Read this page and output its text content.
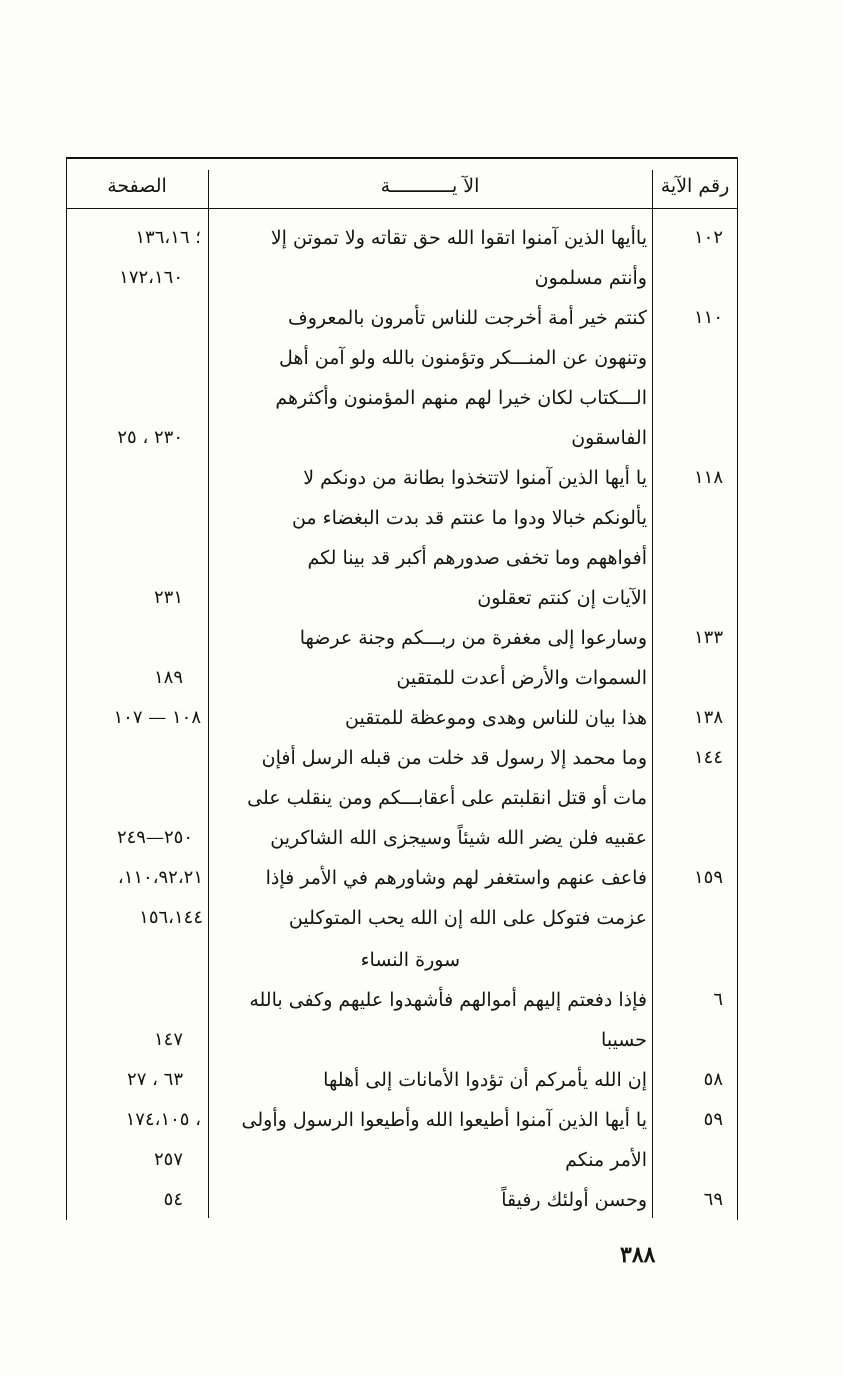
الصفحة	الآ يـــــــــــة	رقم الآية
١٠٢
ياأيها الذين آمنوا اتقوا الله حق تقاته ولا تموتن إلا
وأنتم مسلمون
؛ ١٣٦،١٦
١٧٢،١٦٠
١١٠
كنتم خير أمة أخرجت للناس تأمرون بالمعروف
وتنهون عن المنـــكر وتؤمنون بالله ولو آمن أهل
الـــكتاب لكان خيرا لهم منهم المؤمنون وأكثرهم
الفاسقون
٢٣٠ ، ٢٥
١١٨
يا أيها الذين آمنوا لاتتخذوا بطانة من دونكم لا
يألونكم خبالا ودوا ما عنتم قد بدت البغضاء من
أفواههم وما تخفى صدورهم أكبر قد بينا لكم
الآيات إن كنتم تعقلون
٢٣١
١٣٣
وسارعوا إلى مغفرة من ربـــكم وجنة عرضها
السموات والأرض أعدت للمتقين
١٨٩
١٣٨
هذا بيان للناس وهدى وموعظة للمتقين
١٠٨ — ١٠٧
١٤٤
وما محمد إلا رسول قد خلت من قبله الرسل أفإن
مات أو قتل انقلبتم على أعقابـــكم ومن ينقلب على
عقبيه فلن يضر الله شيئاً وسيجزى الله الشاكرين
٢٥٠—٢٤٩
١٥٩
فاعف عنهم واستغفر لهم وشاورهم في الأمر فإذا
عزمت فتوكل على الله إن الله يحب المتوكلين
١١٠،٩٢،٢١،
١٥٦،١٤٤
سورة النساء
٦
فإذا دفعتم إليهم أموالهم فأشهدوا عليهم وكفى بالله
حسيبا
١٤٧
٥٨
إن الله يأمركم أن تؤدوا الأمانات إلى أهلها
٦٣ ، ٢٧
٥٩
يا أيها الذين آمنوا أطيعوا الله وأطيعوا الرسول وأولى
الأمر منكم
، ١٧٤،١٠٥
٢٥٧
٦٩
وحسن أولئك رفيقاً
٥٤
٣٨٨
